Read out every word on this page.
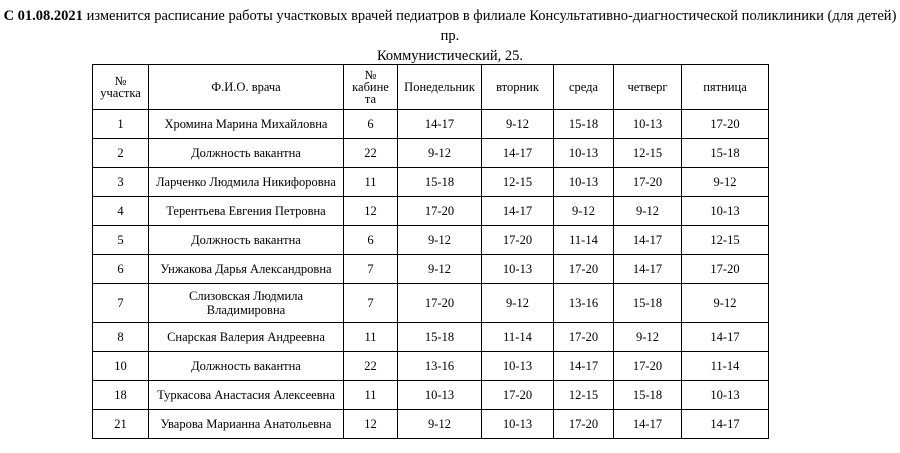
С 01.08.2021 изменится расписание работы участковых врачей педиатров в филиале Консультативно-диагностической поликлиники (для детей) пр.
Коммунистический, 25.
№ участка	Ф.И.О. врача	№ кабине та	Понедельник	вторник	среда	четверг	пятница
1	Хромина Марина Михайловна	6	14-17	9-12	15-18	10-13	17-20
2	Должность вакантна	22	9-12	14-17	10-13	12-15	15-18
3	Ларченко Людмила Никифоровна	11	15-18	12-15	10-13	17-20	9-12
4	Терентьева Евгения Петровна	12	17-20	14-17	9-12	9-12	10-13
5	Должность вакантна	6	9-12	17-20	11-14	14-17	12-15
6	Унжакова Дарья Александровна	7	9-12	10-13	17-20	14-17	17-20
7	Слизовская Людмила Владимировна	7	17-20	9-12	13-16	15-18	9-12
8	Снарская Валерия Андреевна	11	15-18	11-14	17-20	9-12	14-17
10	Должность вакантна	22	13-16	10-13	14-17	17-20	11-14
18	Туркасова Анастасия Алексеевна	11	10-13	17-20	12-15	15-18	10-13
21	Уварова Марианна Анатольевна	12	9-12	10-13	17-20	14-17	14-17
